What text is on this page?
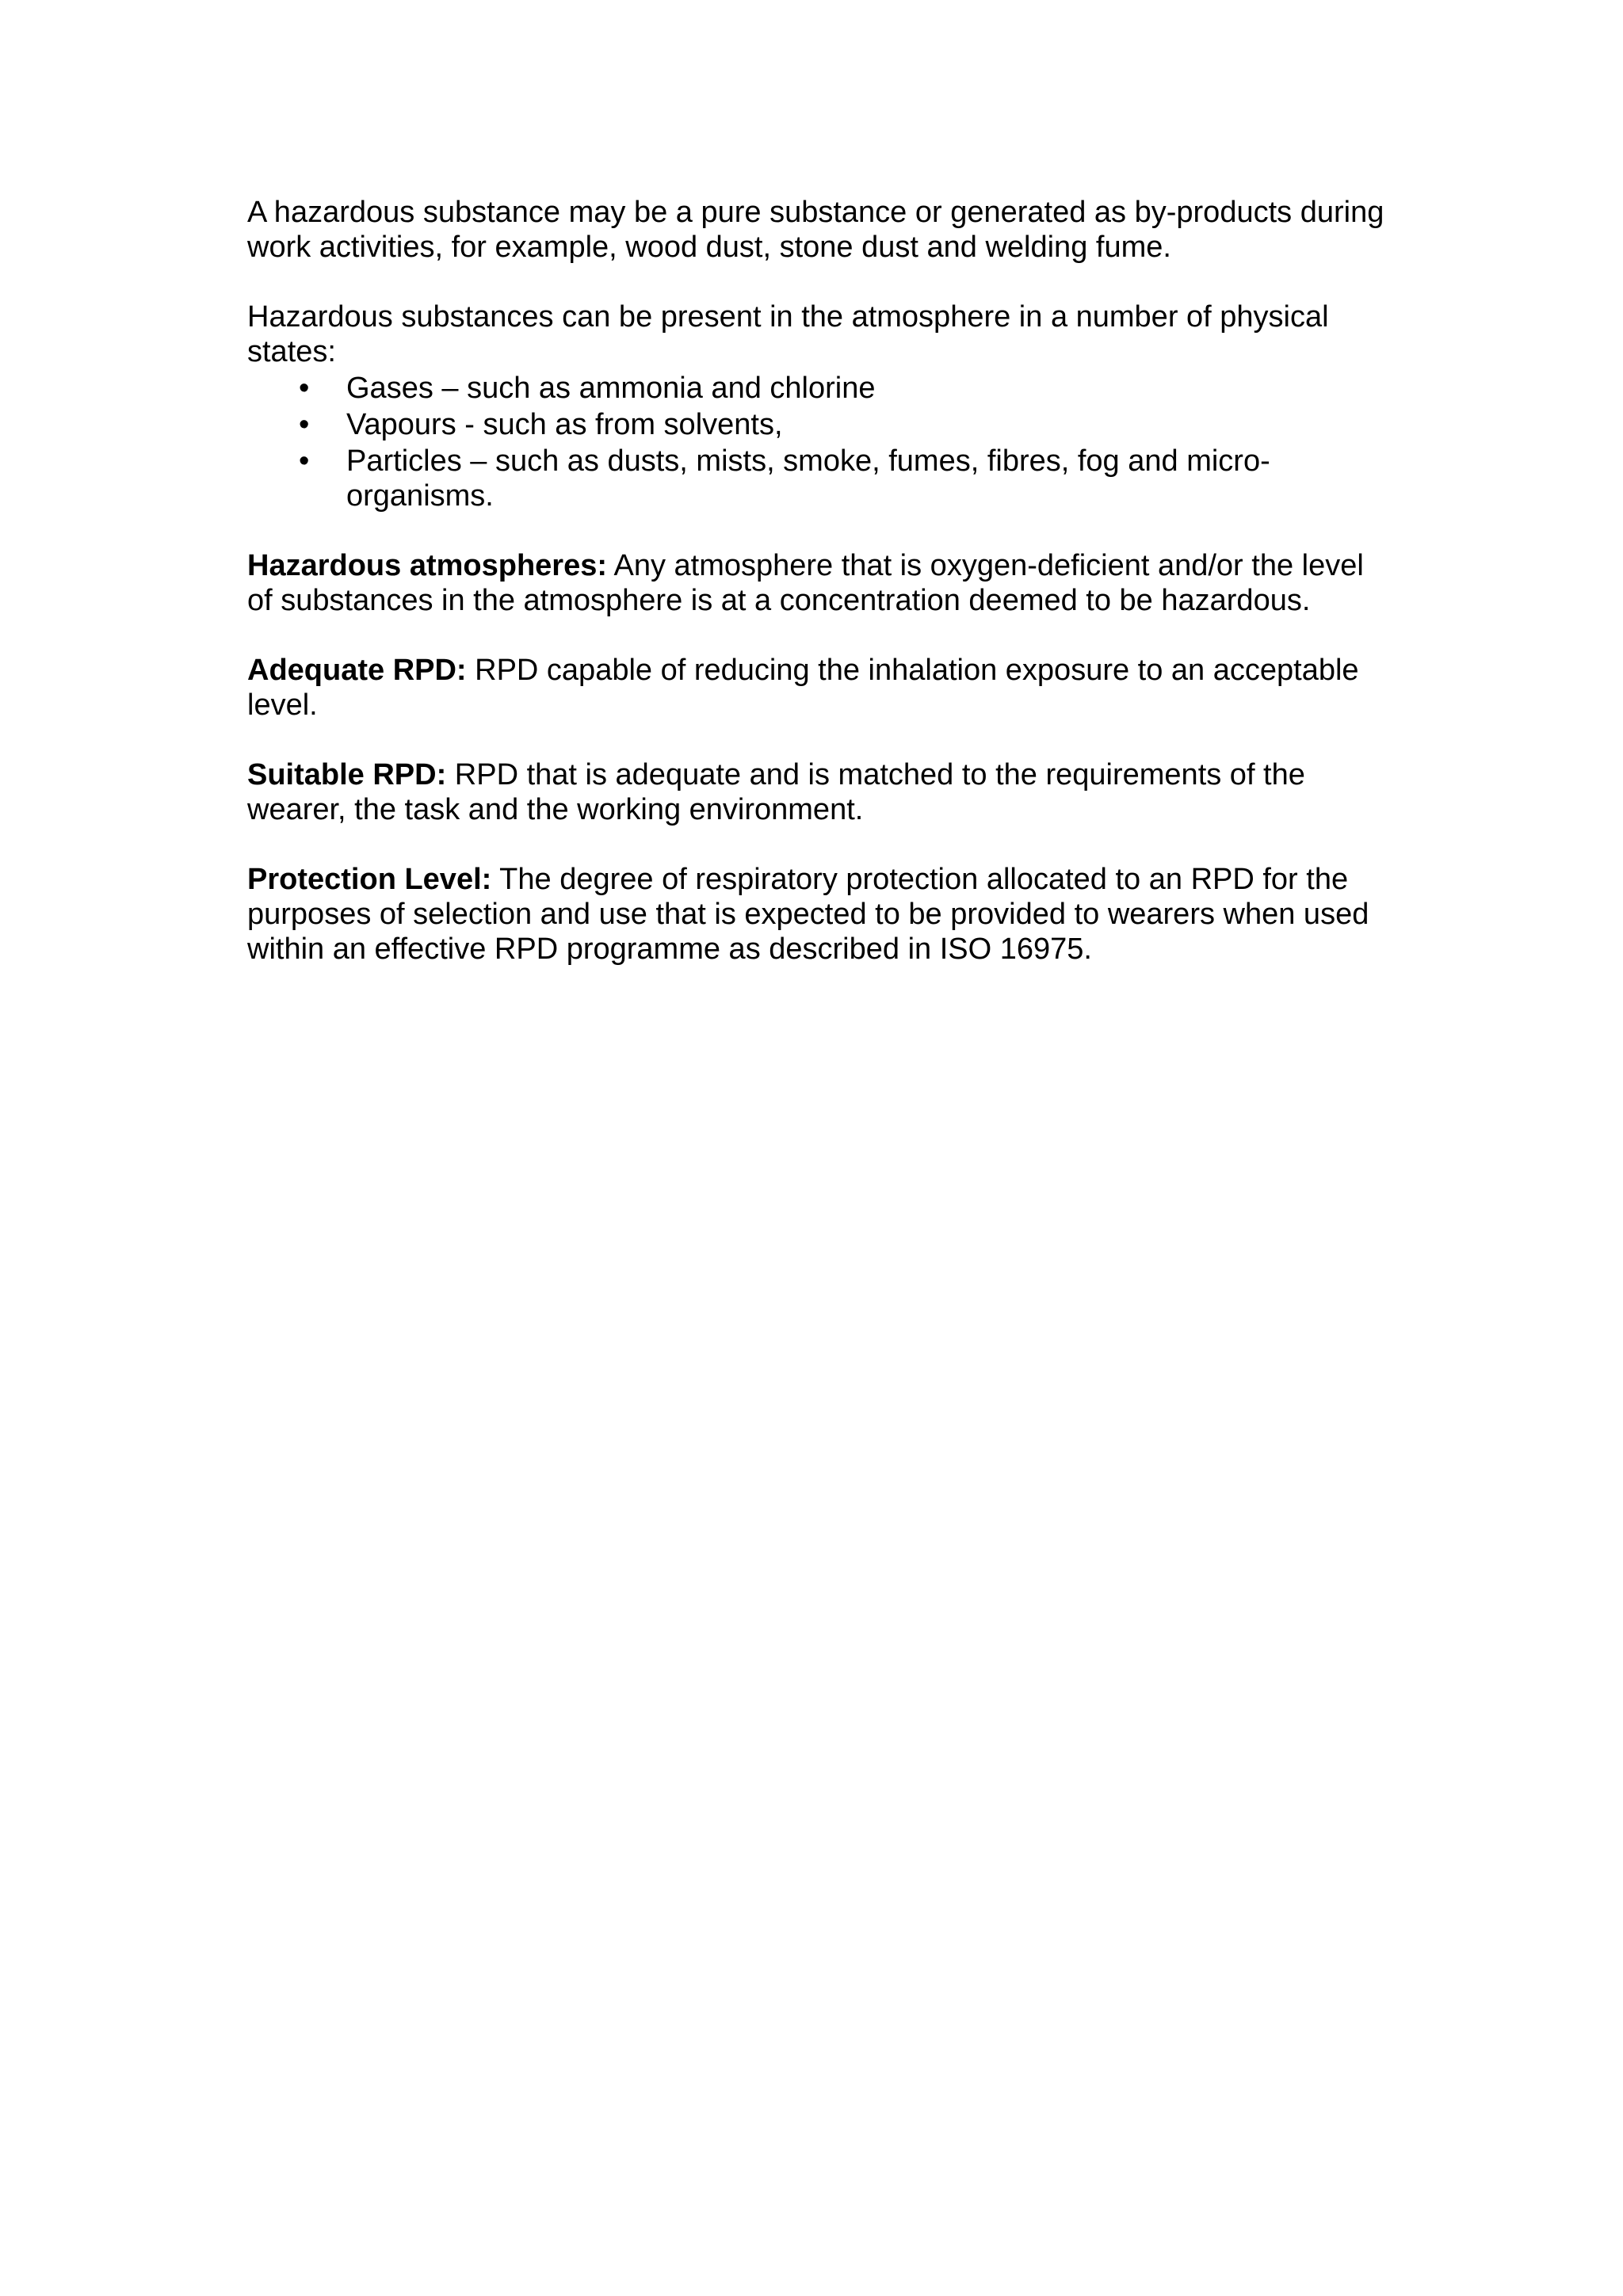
A hazardous substance may be a pure substance or generated as by-products during work activities, for example, wood dust, stone dust and welding fume.

Hazardous substances can be present in the atmosphere in a number of physical states:

• Gases – such as ammonia and chlorine
• Vapours - such as from solvents,
• Particles – such as dusts, mists, smoke, fumes, fibres, fog and micro-organisms.

Hazardous atmospheres: Any atmosphere that is oxygen-deficient and/or the level of substances in the atmosphere is at a concentration deemed to be hazardous.

Adequate RPD: RPD capable of reducing the inhalation exposure to an acceptable level.

Suitable RPD: RPD that is adequate and is matched to the requirements of the wearer, the task and the working environment.

Protection Level: The degree of respiratory protection allocated to an RPD for the purposes of selection and use that is expected to be provided to wearers when used within an effective RPD programme as described in ISO 16975.
